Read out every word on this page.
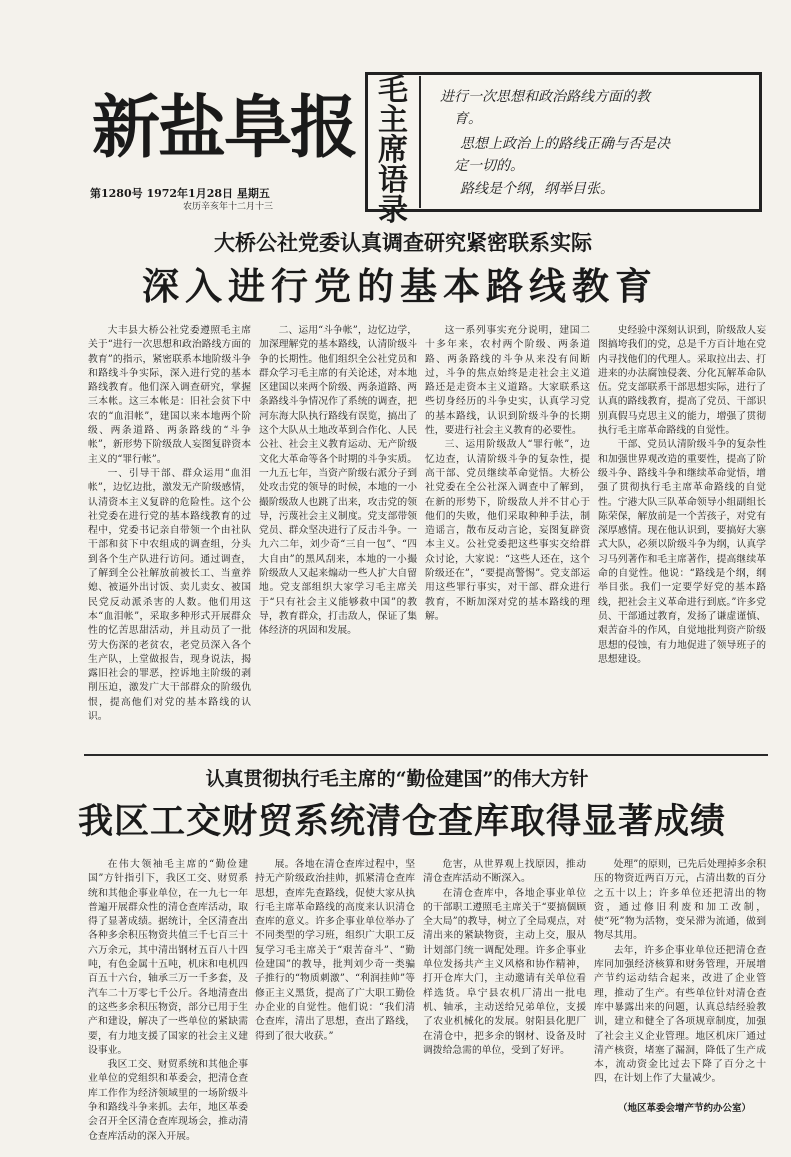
新盐阜报
第1280号 1972年1月28日 星期五
农历辛亥年十二月十三
毛
主
席
语
录
进行一次思想和政治路线方面的教
育。
思想上政治上的路线正确与否是决
定一切的。
路线是个纲，纲举目张。
大桥公社党委认真调查研究紧密联系实际
深入进行党的基本路线教育

大丰县大桥公社党委遵照毛主席关于“进行一次思想和政治路线方面的教育”的指示，紧密联系本地阶级斗争和路线斗争实际，深入进行党的基本路线教育。他们深入调查研究，掌握三本帐。这三本帐是：旧社会贫下中农的“血泪帐”，建国以来本地两个阶级、两条道路、两条路线的“斗争帐”，新形势下阶级敌人妄图复辟资本主义的“罪行帐”。

一、引导干部、群众运用“血泪帐”，边忆边批，激发无产阶级感情，认清资本主义复辟的危险性。这个公社党委在进行党的基本路线教育的过程中，党委书记亲自带领一个由社队干部和贫下中农组成的调查组，分头到各个生产队进行访问。通过调查，了解到全公社解放前被长工、当童养媳、被逼外出讨饭、卖儿卖女、被国民党反动派杀害的人数。他们用这本“血泪帐”，采取多种形式开展群众性的忆苦思甜活动，并且动员了一批劳大伤深的老贫农，老党员深入各个生产队，上堂做报告，现身说法，揭露旧社会的罪恶，控诉地主阶级的剥削压迫，激发广大干部群众的阶级仇恨，提高他们对党的基本路线的认识。

二、运用“斗争帐”，边忆边学，加深理解党的基本路线，认清阶级斗争的长期性。他们组织全公社党员和群众学习毛主席的有关论述，对本地区建国以来两个阶级、两条道路、两条路线斗争情况作了系统的调查，把河东海大队执行路线有误览，搞出了这个大队从土地改革到合作化、人民公社、社会主义教育运动、无产阶级文化大革命等各个时期的斗争实质。一九五七年，当资产阶级右派分子到处攻击党的领导的时候，本地的一小撮阶级敌人也跳了出来，攻击党的领导，污蔑社会主义制度。党支部带领党员、群众坚决进行了反击斗争。一九六二年，刘少奇“三自一包”、“四大自由”的黑风刮来，本地的一小撮阶级敌人又起来煽动一些人扩大自留地。党支部组织大家学习毛主席关于“只有社会主义能够救中国”的教导，教育群众，打击敌人，保证了集体经济的巩固和发展。

这一系列事实充分说明，建国二十多年来，农村两个阶级、两条道路、两条路线的斗争从来没有间断过，斗争的焦点始终是走社会主义道路还是走资本主义道路。大家联系这些切身经历的斗争史实，认真学习党的基本路线，认识到阶级斗争的长期性，要进行社会主义教育的必要性。

三、运用阶级敌人“罪行帐”，边忆边查，认清阶级斗争的复杂性，提高干部、党员继续革命觉悟。大桥公社党委在全公社深入调查中了解到，在新的形势下，阶级敌人并不甘心于他们的失败，他们采取种种手法，制造谣言，散布反动言论，妄图复辟资本主义。公社党委把这些事实交给群众讨论，大家说：“这些人还在，这个阶级还在”，“要提高警惕”。党支部运用这些罪行事实，对干部、群众进行教育，不断加深对党的基本路线的理解。

史经验中深刻认识到，阶级敌人妄图搞垮我们的党，总是千方百计地在党内寻找他们的代理人。采取拉出去、打进来的办法腐蚀侵袭、分化瓦解革命队伍。党支部联系干部思想实际，进行了认真的路线教育，提高了党员、干部识别真假马克思主义的能力，增强了贯彻执行毛主席革命路线的自觉性。

干部、党员认清阶级斗争的复杂性和加强世界观改造的重要性，提高了阶级斗争、路线斗争和继续革命觉悟，增强了贯彻执行毛主席革命路线的自觉性。宁港大队三队革命领导小组副组长陈荣保，解放前是一个苦孩子，对党有深厚感情。现在他认识到，要搞好大寨式大队，必须以阶级斗争为纲，认真学习马列著作和毛主席著作，提高继续革命的自觉性。他说：“路线是个纲，纲举目张。我们一定要学好党的基本路线，把社会主义革命进行到底。”许多党员、干部通过教育，发扬了谦虚谨慎、艰苦奋斗的作风，自觉地批判资产阶级思想的侵蚀，有力地促进了领导班子的思想建设。

认真贯彻执行毛主席的“勤俭建国”的伟大方针
我区工交财贸系统清仓查库取得显著成绩

在伟大领袖毛主席的“勤俭建国”方针指引下，我区工交、财贸系统和其他企事业单位，在一九七一年普遍开展群众性的清仓查库活动，取得了显著成绩。据统计，全区清查出各种多余积压物资共值三千七百三十六万余元，其中清出钢材五百八十四吨，有色金属十五吨，机床和电机四百五十六台，轴承三万一千多套，及汽车二十万零七千公斤。各地清查出的这些多余积压物资，部分已用于生产和建设，解决了一些单位的紧缺需要，有力地支援了国家的社会主义建设事业。

我区工交、财贸系统和其他企事业单位的党组织和革委会，把清仓查库工作作为经济领域里的一场阶级斗争和路线斗争来抓。去年，地区革委会召开全区清仓查库现场会，推动清仓查库活动的深入开展。

展。各地在清仓查库过程中，坚持无产阶级政治挂帅，抓紧清仓查库思想，查库先查路线，促使大家从执行毛主席革命路线的高度来认识清仓查库的意义。许多企事业单位举办了不同类型的学习班，组织广大职工反复学习毛主席关于“艰苦奋斗”、“勤俭建国”的教导，批判刘少奇一类骗子推行的“物质刺激”、“利润挂帅”等修正主义黑货，提高了广大职工勤俭办企业的自觉性。他们说：“我们清仓查库，清出了思想，查出了路线，得到了很大收获。”

危害，从世界观上找原因，推动清仓查库活动不断深入。

在清仓查库中，各地企事业单位的干部职工遵照毛主席关于“要搞個顾全大局”的教导，树立了全局观点，对清出来的紧缺物资，主动上交，服从计划部门统一调配处理。许多企事业单位发扬共产主义风格和协作精神，打开仓库大门，主动邀请有关单位看样选货。阜宁县农机厂清出一批电机、轴承，主动送给兄弟单位，支援了农业机械化的发展。射阳县化肥厂在清仓中，把多余的钢材、设备及时调拨给急需的单位，受到了好评。

处理”的原则，已先后处理掉多余积压的物资近两百万元，占清出数的百分之五十以上；许多单位还把清出的物资，通过修旧利废和加工改制，使“死”物为活物，变呆滞为流通，做到物尽其用。

去年，许多企事业单位还把清仓查库同加强经济核算和财务管理，开展增产节约运动结合起来，改进了企业管理，推动了生产。有些单位针对清仓查库中暴露出来的问题，认真总结经验教训，建立和健全了各项规章制度，加强了社会主义企业管理。地区机床厂通过清产核资，堵塞了漏洞，降低了生产成本，流动资金比过去下降了百分之十四，在计划上作了大量减少。

（地区革委会增产节约办公室）
